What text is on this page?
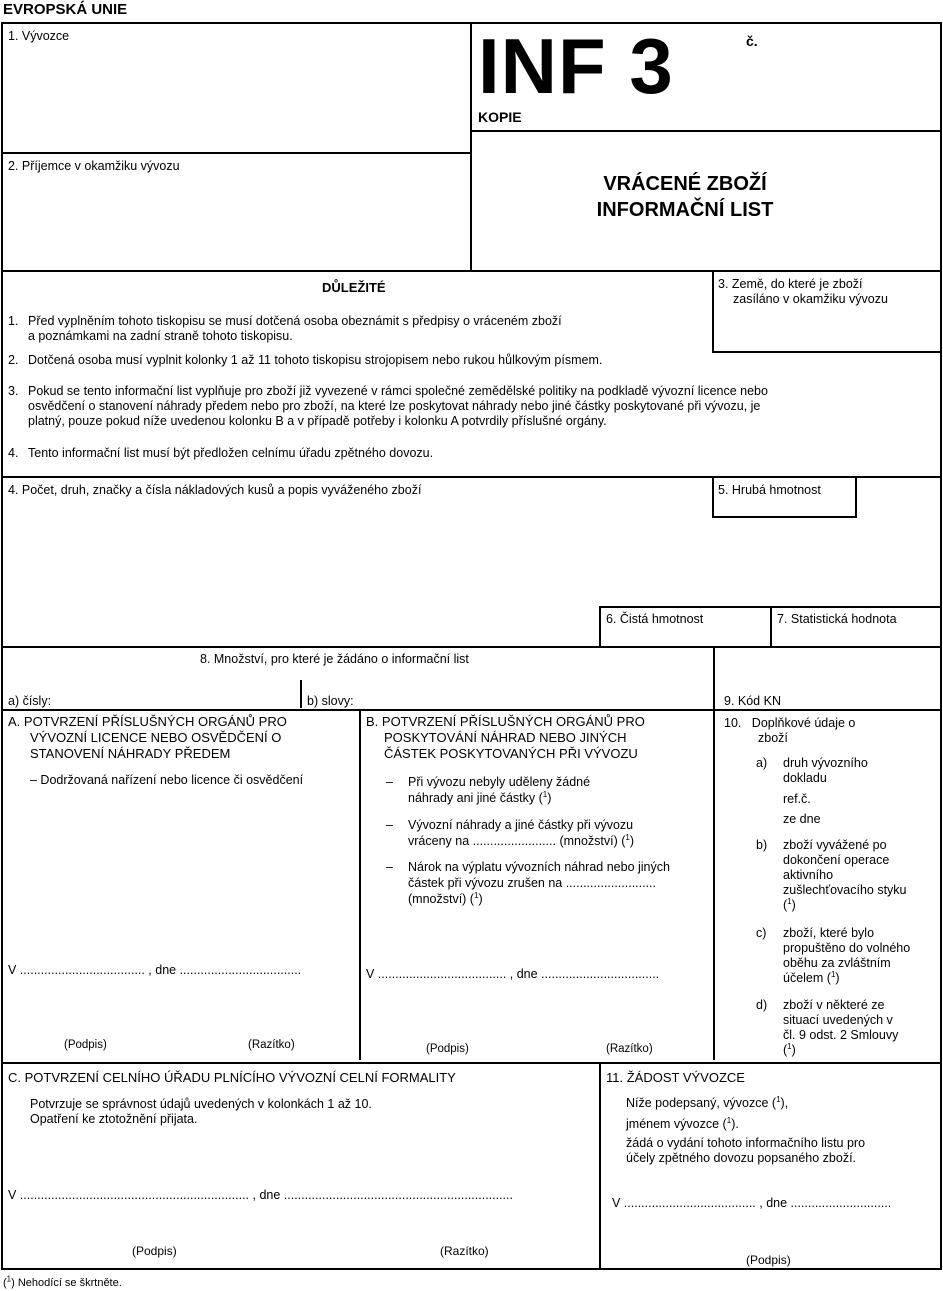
EVROPSKÁ UNIE
1. Vývozce	INF 3	č.
KOPIE
2. Příjemce v okamžiku vývozu
VRÁCENÉ ZBOŽÍ
INFORMAČNÍ LIST
3. Země, do které je zboží
zasíláno v okamžiku vývozu
DŮLEŽITÉ
1. Před vyplněním tohoto tiskopisu se musí dotčená osoba obeznámit s předpisy o vráceném zboží
a poznámkami na zadní straně tohoto tiskopisu.
2. Dotčená osoba musí vyplnit kolonky 1 až 11 tohoto tiskopisu strojopisem nebo rukou hůlkovým písmem.
3. Pokud se tento informační list vyplňuje pro zboží již vyvezené v rámci společné zemědělské politiky na podkladě vývozní licence nebo
osvědčení o stanovení náhrady předem nebo pro zboží, na které lze poskytovat náhrady nebo jiné částky poskytované při vývozu, je
platný, pouze pokud níže uvedenou kolonku B a v případě potřeby i kolonku A potvrdily příslušné orgány.
4. Tento informační list musí být předložen celnímu úřadu zpětného dovozu.
4. Počet, druh, značky a čísla nákladových kusů a popis vyváženého zboží	5. Hrubá hmotnost
6. Čistá hmotnost	7. Statistická hodnota
8. Množství, pro které je žádáno o informační list
a) čísly:	b) slovy:	9. Kód KN
A. POTVRZENÍ PŘÍSLUŠNÝCH ORGÁNŮ PRO
VÝVOZNÍ LICENCE NEBO OSVĚDČENÍ O
STANOVENÍ NÁHRADY PŘEDEM
– Dodržovaná nařízení nebo licence či osvědčení
V .................................... , dne ...................................
(Podpis)	(Razítko)
B. POTVRZENÍ PŘÍSLUŠNÝCH ORGÁNŮ PRO
POSKYTOVÁNÍ NÁHRAD NEBO JINÝCH
ČÁSTEK POSKYTOVANÝCH PŘI VÝVOZU
– Při vývozu nebyly uděleny žádné
náhrady ani jiné částky ($^1$)
– Vývozní náhrady a jiné částky při vývozu
vráceny na ........................ (množství) ($^1$)
– Nárok na výplatu vývozních náhrad nebo jiných
částek při vývozu zrušen na ..........................
(množství) ($^1$)
V ..................................... , dne ..................................
(Podpis)	(Razítko)
10.   Doplňkové údaje o
zboží
a) druh vývozního
dokladu
ref.č.
ze dne
b) zboží vyvážené po
dokončení operace
aktivního
zušlechťovacího styku
($^1$)
c) zboží, které bylo
propuštěno do volného
oběhu za zvláštním
účelem ($^1$)
d) zboží v některé ze
situací uvedených v
čl. 9 odst. 2 Smlouvy
($^1$)
C. POTVRZENÍ CELNÍHO ÚŘADU PLNÍCÍHO VÝVOZNÍ CELNÍ FORMALITY
Potvrzuje se správnost údajů uvedených v kolonkách 1 až 10.
Opatření ke ztotožnění přijata.
V .................................................................. , dne ..................................................................
(Podpis)	(Razítko)
11. ŽÁDOST VÝVOZCE
Níže podepsaný, vývozce ($^1$),
jménem vývozce ($^1$).
žádá o vydání tohoto informačního listu pro
účely zpětného dovozu popsaného zboží.
V ...................................... , dne .............................
(Podpis)
($^1$) Nehodící se škrtněte.
